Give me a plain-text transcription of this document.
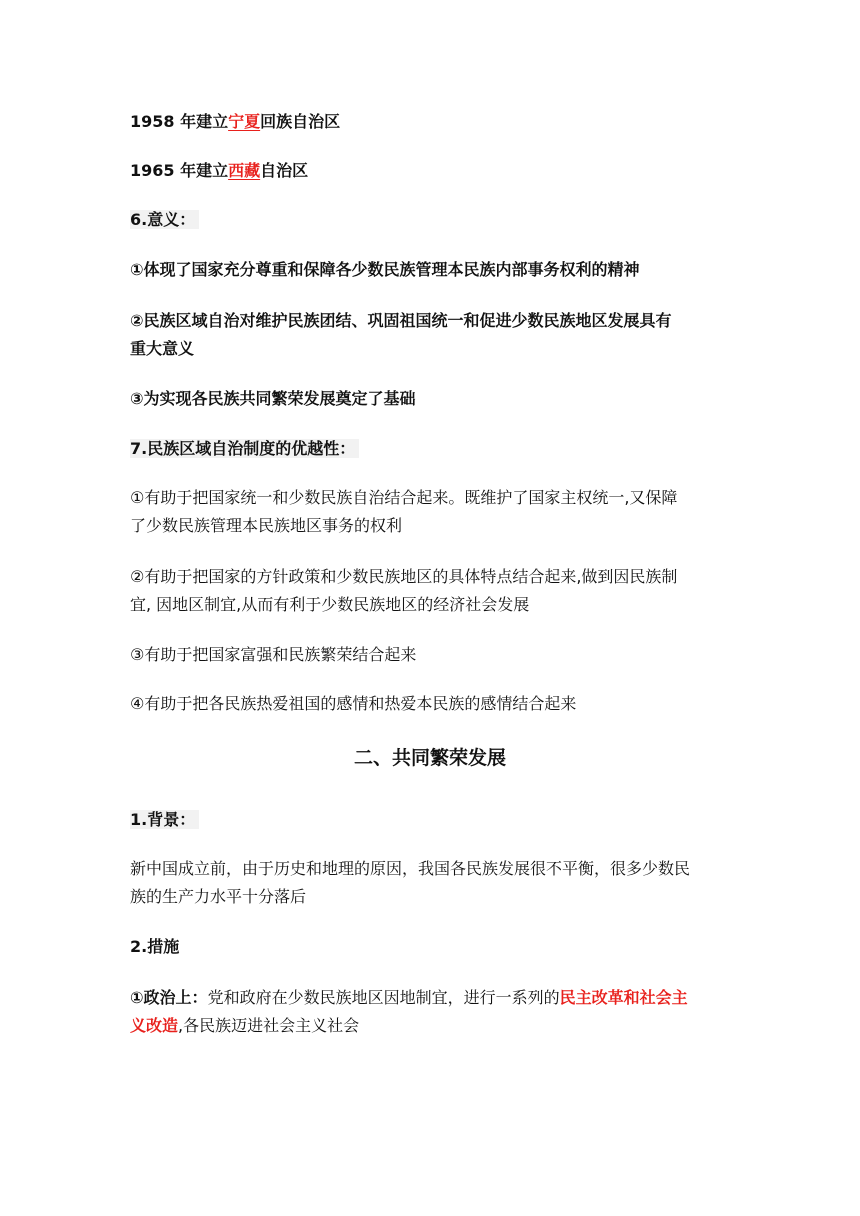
1958 年建立宁夏回族自治区
1965 年建立西藏自治区
6.意义：
①体现了国家充分尊重和保障各少数民族管理本民族内部事务权利的精神
②民族区域自治对维护民族团结、巩固祖国统一和促进少数民族地区发展具有
重大意义
③为实现各民族共同繁荣发展奠定了基础
7.民族区域自治制度的优越性：
①有助于把国家统一和少数民族自治结合起来。既维护了国家主权统一,又保障
了少数民族管理本民族地区事务的权利
②有助于把国家的方针政策和少数民族地区的具体特点结合起来,做到因民族制
宜, 因地区制宜,从而有利于少数民族地区的经济社会发展
③有助于把国家富强和民族繁荣结合起来
④有助于把各民族热爱祖国的感情和热爱本民族的感情结合起来
二、共同繁荣发展
1.背景：
新中国成立前，由于历史和地理的原因，我国各民族发展很不平衡，很多少数民
族的生产力水平十分落后
2.措施
①政治上：党和政府在少数民族地区因地制宜，进行一系列的民主改革和社会主
义改造,各民族迈进社会主义社会
